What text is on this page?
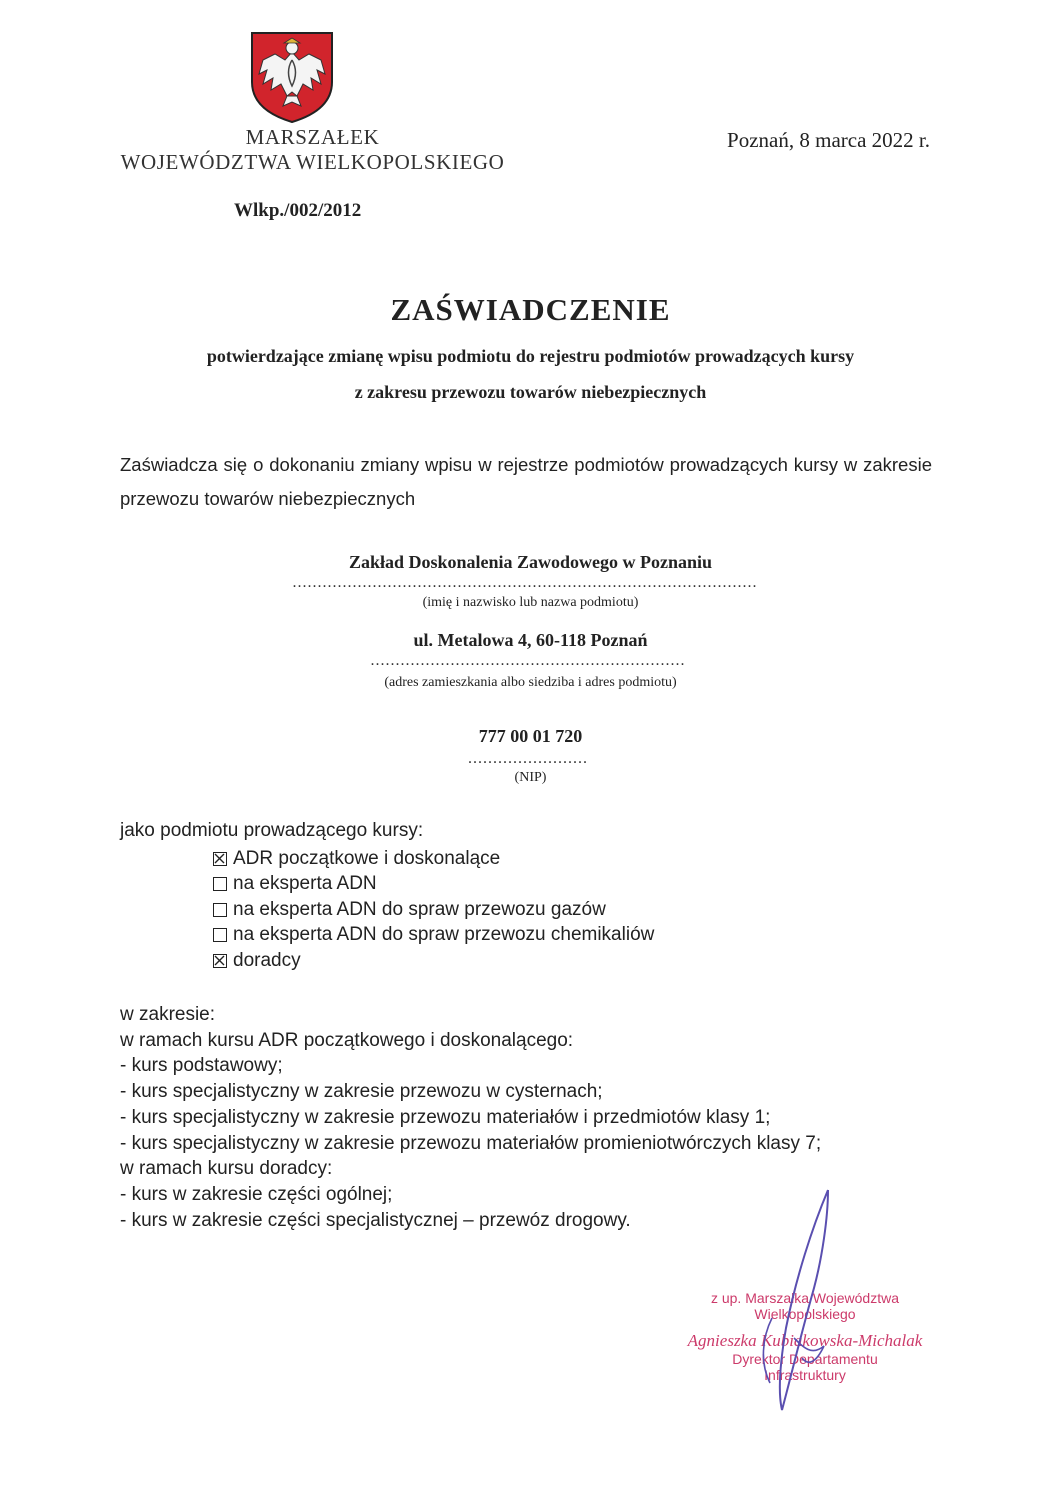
MARSZAŁEK
WOJEWÓDZTWA WIELKOPOLSKIEGO
Poznań, 8 marca 2022 r.
Wlkp./002/2012
ZAŚWIADCZENIE
potwierdzające zmianę wpisu podmiotu do rejestru podmiotów prowadzących kursy
z zakresu przewozu towarów niebezpiecznych
Zaświadcza się o dokonaniu zmiany wpisu w rejestrze podmiotów prowadzących kursy w zakresie przewozu towarów niebezpiecznych
Zakład Doskonalenia Zawodowego w Poznaniu
.............................................................................................
(imię i nazwisko lub nazwa podmiotu)
ul. Metalowa 4, 60-118 Poznań
...............................................................
(adres zamieszkania albo siedziba i adres podmiotu)
777 00 01 720
........................
(NIP)
jako podmiotu prowadzącego kursy:
ADR początkowe i doskonalące
na eksperta ADN
na eksperta ADN do spraw przewozu gazów
na eksperta ADN do spraw przewozu chemikaliów
doradcy
w zakresie:
w ramach kursu ADR początkowego i doskonalącego:
- kurs podstawowy;
- kurs specjalistyczny w zakresie przewozu w cysternach;
- kurs specjalistyczny w zakresie przewozu materiałów i przedmiotów klasy 1;
- kurs specjalistyczny w zakresie przewozu materiałów promieniotwórczych klasy 7;
w ramach kursu doradcy:
- kurs w zakresie części ogólnej;
- kurs w zakresie części specjalistycznej – przewóz drogowy.
z up. Marszałka Województwa
Wielkopolskiego
Agnieszka Kubiakowska-Michalak
Dyrektor Departamentu
Infrastruktury
